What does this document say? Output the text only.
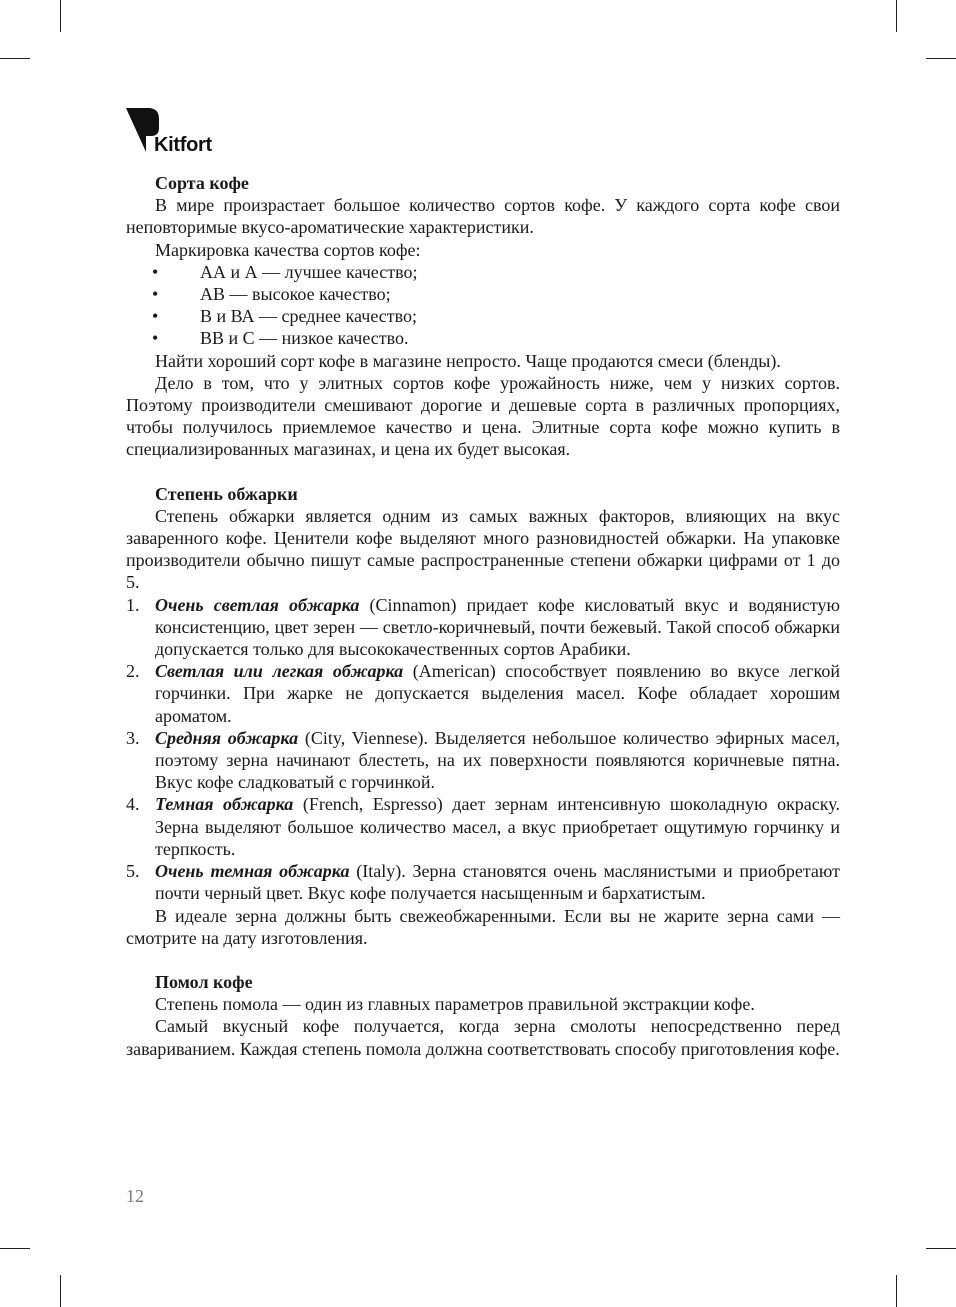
Kitfort
Сорта кофе

В мире произрастает большое количество сортов кофе. У каждого сорта кофе свои неповторимые вкусо-ароматические характеристики.

Маркировка качества сортов кофе:

• АА и А — лучшее качество;
• АВ — высокое качество;
• В и ВА — среднее качество;
• ВВ и С — низкое качество.

Найти хороший сорт кофе в магазине непросто. Чаще продаются смеси (бленды).

Дело в том, что у элитных сортов кофе урожайность ниже, чем у низких сортов. Поэтому производители смешивают дорогие и дешевые сорта в различных пропорциях, чтобы получилось приемлемое качество и цена. Элитные сорта кофе можно купить в специализированных магазинах, и цена их будет высокая.

Степень обжарки

Степень обжарки является одним из самых важных факторов, влияющих на вкус заваренного кофе. Ценители кофе выделяют много разновидностей обжарки. На упаковке производители обычно пишут самые распространенные степени обжарки цифрами от 1 до 5.

1. Очень светлая обжарка (Cinnamon) придает кофе кисловатый вкус и водянистую консистенцию, цвет зерен — светло-коричневый, почти бежевый. Такой способ обжарки допускается только для высококачественных сортов Арабики.
2. Светлая или легкая обжарка (American) способствует появлению во вкусе легкой горчинки. При жарке не допускается выделения масел. Кофе обладает хорошим ароматом.
3. Средняя обжарка (City, Viennese). Выделяется небольшое количество эфирных масел, поэтому зерна начинают блестеть, на их поверхности появляются коричневые пятна. Вкус кофе сладковатый с горчинкой.
4. Темная обжарка (French, Espresso) дает зернам интенсивную шоколадную окраску. Зерна выделяют большое количество масел, а вкус приобретает ощутимую горчинку и терпкость.
5. Очень темная обжарка (Italy). Зерна становятся очень маслянистыми и приобретают почти черный цвет. Вкус кофе получается насыщенным и бархатистым.

В идеале зерна должны быть свежеобжаренными. Если вы не жарите зерна сами — смотрите на дату изготовления.

Помол кофе

Степень помола — один из главных параметров правильной экстракции кофе.

Самый вкусный кофе получается, когда зерна смолоты непосредственно перед завариванием. Каждая степень помола должна соответствовать способу приготовления кофе.

12
